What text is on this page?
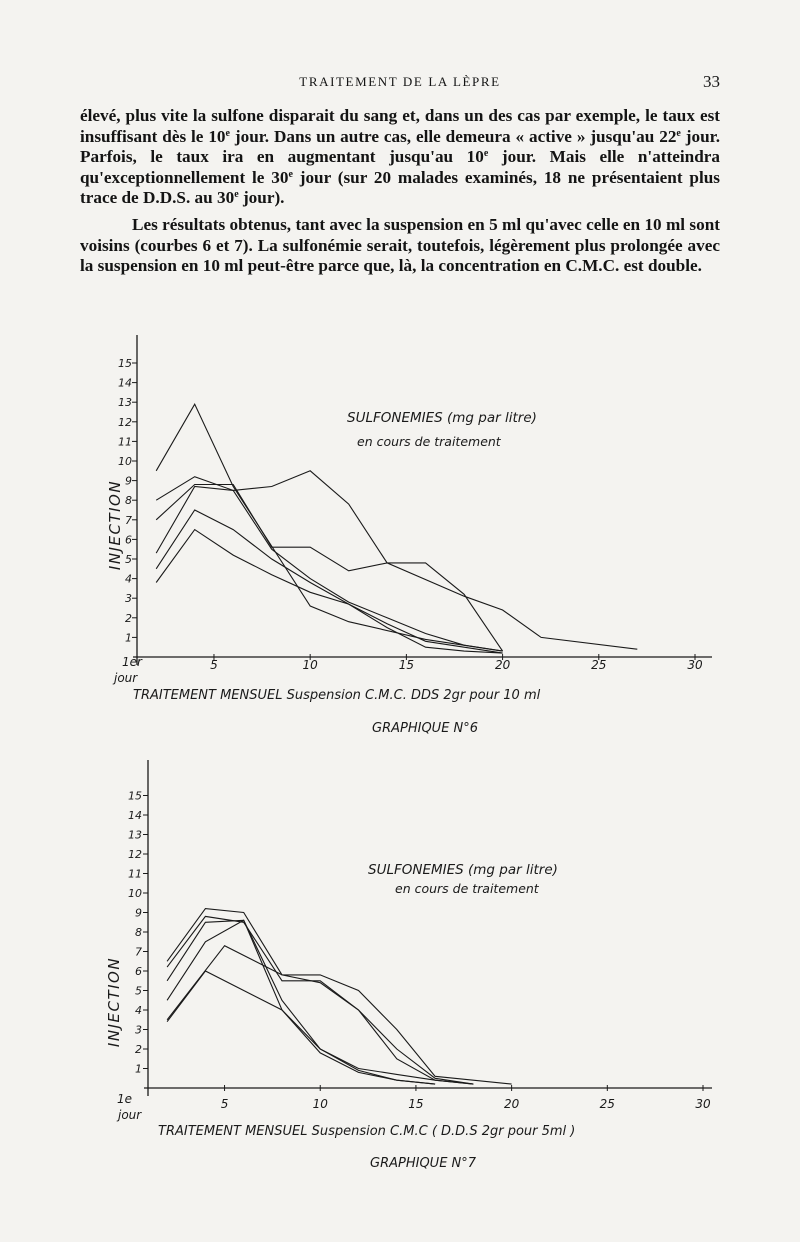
TRAITEMENT DE LA LÈPRE	33

élevé, plus vite la sulfone disparait du sang et, dans un des cas par exemple, le taux est insuffisant dès le 10e jour. Dans un autre cas, elle demeura « active » jusqu'au 22e jour. Parfois, le taux ira en augmentant jusqu'au 10e jour. Mais elle n'atteindra qu'exceptionnellement le 30e jour (sur 20 malades examinés, 18 ne présentaient plus trace de D.D.S. au 30e jour).

Les résultats obtenus, tant avec la suspension en 5 ml qu'avec celle en 10 ml sont voisins (courbes 6 et 7). La sulfonémie serait, toutefois, légèrement plus prolongée avec la suspension en 10 ml peut-être parce que, là, la concentration en C.M.C. est double.

1
2
3
4
5
6
7
8
9
10
11
12
13
14
15
5	10	15	20	25	30
SULFONEMIES (mg par litre)
en cours de traitement
INJECTION
1er
jour
TRAITEMENT MENSUEL Suspension C.M.C. DDS 2gr pour 10 ml
GRAPHIQUE N°6
1
2
3
4
5
6
7
8
9
10
11
12
13
14
15
5	10	15	20	25	30
SULFONEMIES (mg par litre)
en cours de traitement
INJECTION
1e
jour
TRAITEMENT MENSUEL Suspension C.M.C ( D.D.S 2gr pour 5ml )
GRAPHIQUE N°7
